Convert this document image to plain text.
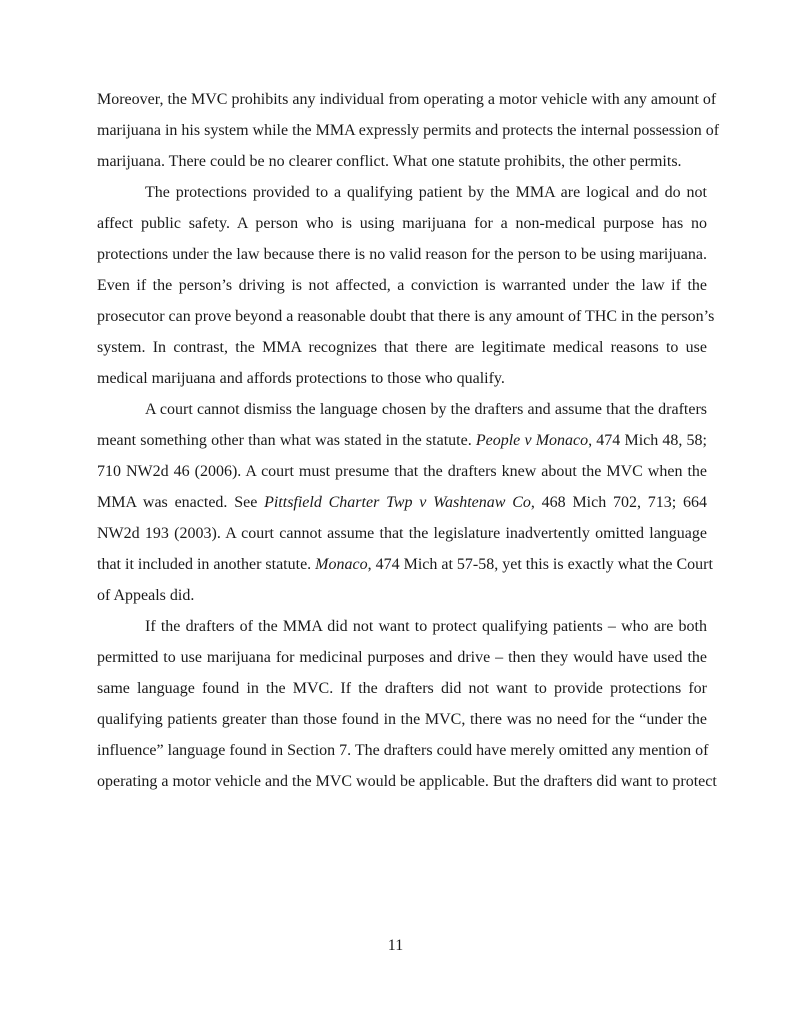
Moreover, the MVC prohibits any individual from operating a motor vehicle with any amount of
marijuana in his system while the MMA expressly permits and protects the internal possession of
marijuana. There could be no clearer conflict. What one statute prohibits, the other permits.
The protections provided to a qualifying patient by the MMA are logical and do not
affect public safety. A person who is using marijuana for a non-medical purpose has no
protections under the law because there is no valid reason for the person to be using marijuana.
Even if the person’s driving is not affected, a conviction is warranted under the law if the
prosecutor can prove beyond a reasonable doubt that there is any amount of THC in the person’s
system. In contrast, the MMA recognizes that there are legitimate medical reasons to use
medical marijuana and affords protections to those who qualify.
A court cannot dismiss the language chosen by the drafters and assume that the drafters
meant something other than what was stated in the statute. People v Monaco, 474 Mich 48, 58;
710 NW2d 46 (2006). A court must presume that the drafters knew about the MVC when the
MMA was enacted. See Pittsfield Charter Twp v Washtenaw Co, 468 Mich 702, 713; 664
NW2d 193 (2003). A court cannot assume that the legislature inadvertently omitted language
that it included in another statute. Monaco, 474 Mich at 57-58, yet this is exactly what the Court
of Appeals did.
If the drafters of the MMA did not want to protect qualifying patients – who are both
permitted to use marijuana for medicinal purposes and drive – then they would have used the
same language found in the MVC. If the drafters did not want to provide protections for
qualifying patients greater than those found in the MVC, there was no need for the “under the
influence” language found in Section 7. The drafters could have merely omitted any mention of
operating a motor vehicle and the MVC would be applicable. But the drafters did want to protect
11
